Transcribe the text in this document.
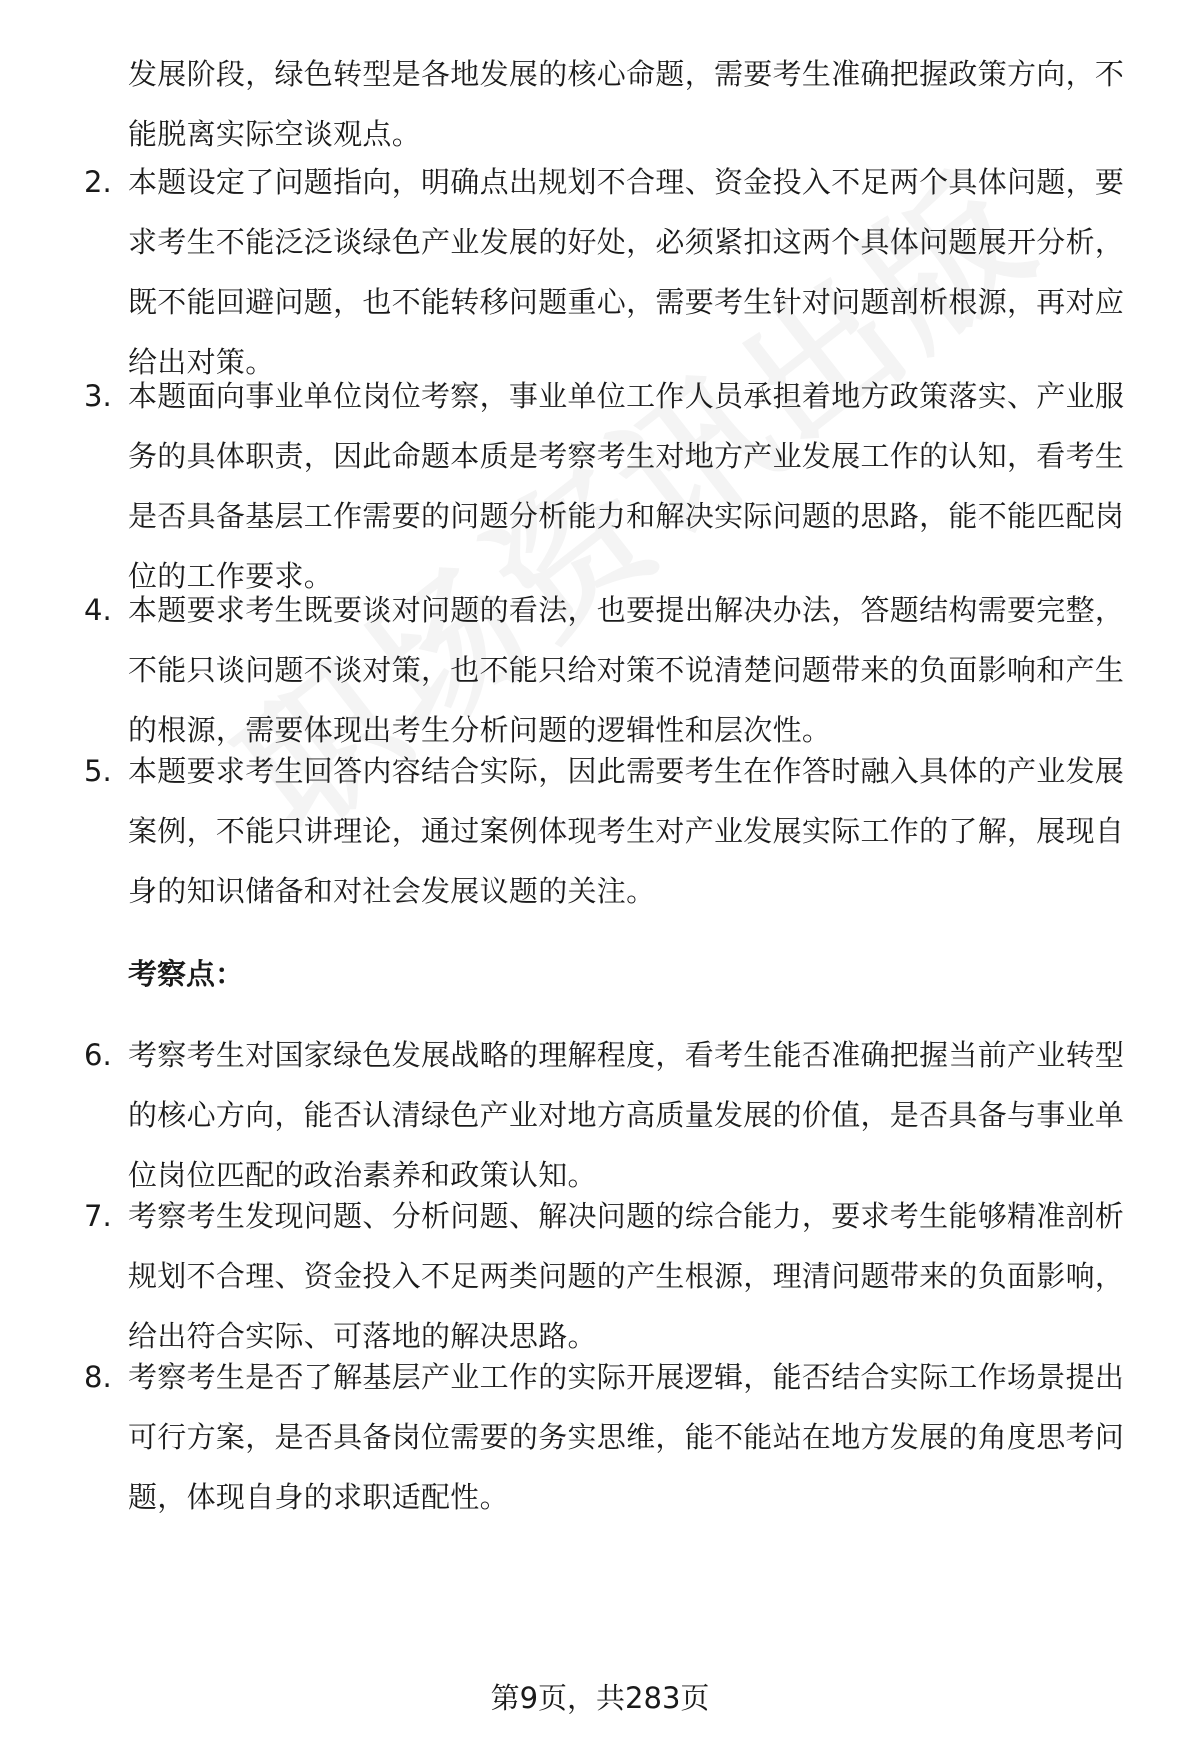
发展阶段，绿色转型是各地发展的核心命题，需要考生准确把握政策方向，不能脱离实际空谈观点。
2. 本题设定了问题指向，明确点出规划不合理、资金投入不足两个具体问题，要求考生不能泛泛谈绿色产业发展的好处，必须紧扣这两个具体问题展开分析，既不能回避问题，也不能转移问题重心，需要考生针对问题剖析根源，再对应给出对策。
3. 本题面向事业单位岗位考察，事业单位工作人员承担着地方政策落实、产业服务的具体职责，因此命题本质是考察考生对地方产业发展工作的认知，看考生是否具备基层工作需要的问题分析能力和解决实际问题的思路，能不能匹配岗位的工作要求。
4. 本题要求考生既要谈对问题的看法，也要提出解决办法，答题结构需要完整，不能只谈问题不谈对策，也不能只给对策不说清楚问题带来的负面影响和产生的根源，需要体现出考生分析问题的逻辑性和层次性。
5. 本题要求考生回答内容结合实际，因此需要考生在作答时融入具体的产业发展案例，不能只讲理论，通过案例体现考生对产业发展实际工作的了解，展现自身的知识储备和对社会发展议题的关注。
考察点：
6. 考察考生对国家绿色发展战略的理解程度，看考生能否准确把握当前产业转型的核心方向，能否认清绿色产业对地方高质量发展的价值，是否具备与事业单位岗位匹配的政治素养和政策认知。
7. 考察考生发现问题、分析问题、解决问题的综合能力，要求考生能够精准剖析规划不合理、资金投入不足两类问题的产生根源，理清问题带来的负面影响，给出符合实际、可落地的解决思路。
8. 考察考生是否了解基层产业工作的实际开展逻辑，能否结合实际工作场景提出可行方案，是否具备岗位需要的务实思维，能不能站在地方发展的角度思考问题，体现自身的求职适配性。
第9页，共283页
